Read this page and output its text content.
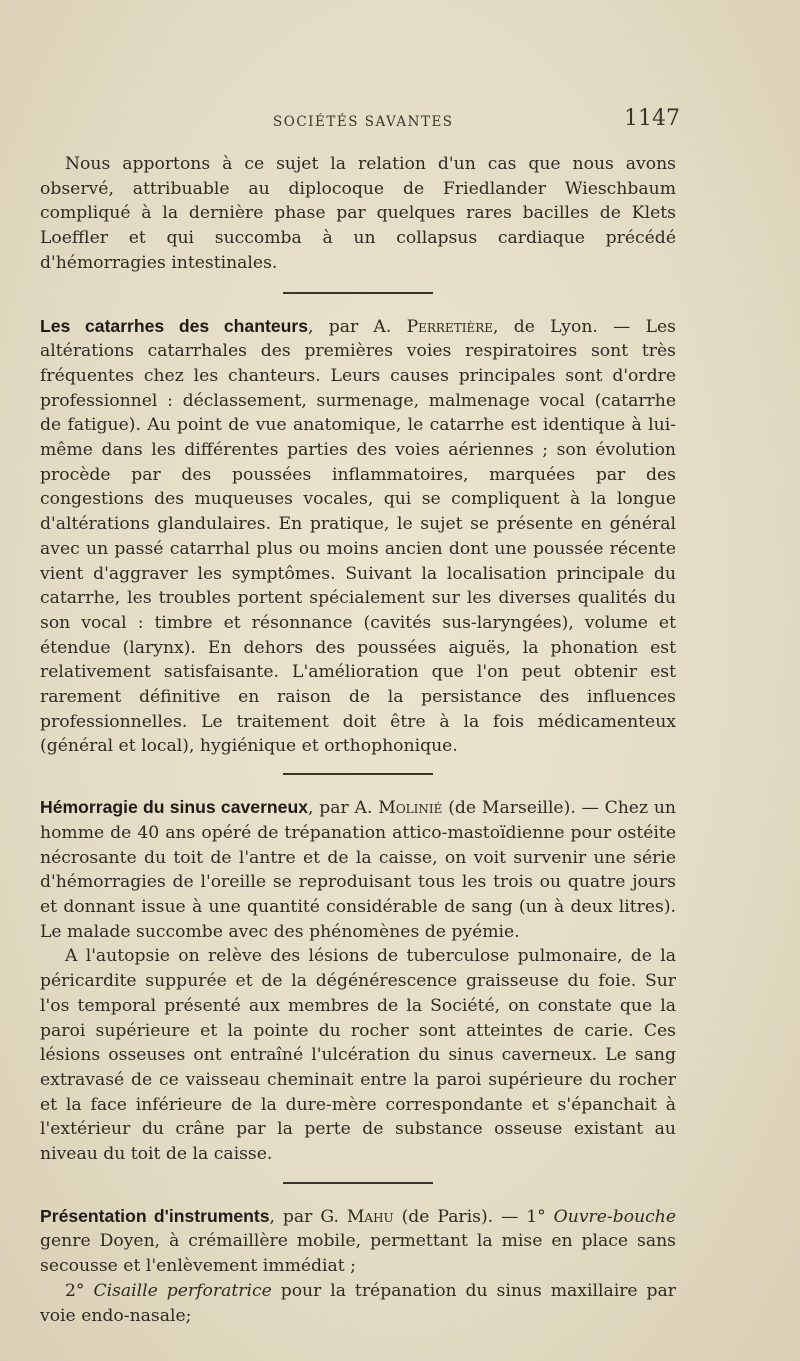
SOCIÉTÉS SAVANTES	1147

Nous apportons à ce sujet la relation d'un cas que nous avons observé, attribuable au diplocoque de Friedlander Wieschbaum compliqué à la dernière phase par quelques rares bacilles de Klets Loeffler et qui succomba à un collapsus cardiaque précédé d'hémorragies intestinales.

Les catarrhes des chanteurs, par A. Perretière, de Lyon. — Les altérations catarrhales des premières voies respiratoires sont très fréquentes chez les chanteurs. Leurs causes principales sont d'ordre professionnel : déclassement, surmenage, malmenage vocal (catarrhe de fatigue). Au point de vue anatomique, le catarrhe est identique à lui-même dans les différentes parties des voies aériennes ; son évolution procède par des poussées inflammatoires, marquées par des congestions des muqueuses vocales, qui se compliquent à la longue d'altérations glandulaires. En pratique, le sujet se présente en général avec un passé catarrhal plus ou moins ancien dont une poussée récente vient d'aggraver les symptômes. Suivant la localisation principale du catarrhe, les troubles portent spécialement sur les diverses qualités du son vocal : timbre et résonnance (cavités sus-laryngées), volume et étendue (larynx). En dehors des poussées aiguës, la phonation est relativement satisfaisante. L'amélioration que l'on peut obtenir est rarement définitive en raison de la persistance des influences professionnelles. Le traitement doit être à la fois médicamenteux (général et local), hygiénique et orthophonique.

Hémorragie du sinus caverneux, par A. Molinié (de Marseille). — Chez un homme de 40 ans opéré de trépanation attico-mastoïdienne pour ostéite nécrosante du toit de l'antre et de la caisse, on voit survenir une série d'hémorragies de l'oreille se reproduisant tous les trois ou quatre jours et donnant issue à une quantité considérable de sang (un à deux litres). Le malade succombe avec des phénomènes de pyémie.

A l'autopsie on relève des lésions de tuberculose pulmonaire, de la péricardite suppurée et de la dégénérescence graisseuse du foie. Sur l'os temporal présenté aux membres de la Société, on constate que la paroi supérieure et la pointe du rocher sont atteintes de carie. Ces lésions osseuses ont entraîné l'ulcération du sinus caverneux. Le sang extravasé de ce vaisseau cheminait entre la paroi supérieure du rocher et la face inférieure de la dure-mère correspondante et s'épanchait à l'extérieur du crâne par la perte de substance osseuse existant au niveau du toit de la caisse.

Présentation d'instruments, par G. Mahu (de Paris). — 1° Ouvre-bouche genre Doyen, à crémaillère mobile, permettant la mise en place sans secousse et l'enlèvement immédiat ;

2° Cisaille perforatrice pour la trépanation du sinus maxillaire par voie endo-nasale;
